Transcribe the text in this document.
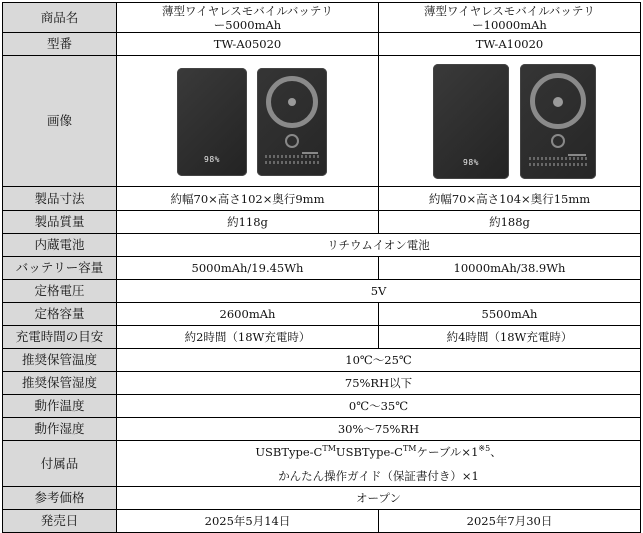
商品名	薄型ワイヤレスモバイルバッテリー5000mAh	薄型ワイヤレスモバイルバッテリー10000mAh
型番	TW-A05020	TW-A10020
画像	98%	98%

製品寸法	約幅70×高さ102×奥行9mm	約幅70×高さ104×奥行15mm
製品質量	約118g	約188g
内蔵電池	リチウムイオン電池	
バッテリー容量	5000mAh/19.45Wh	10000mAh/38.9Wh
定格電圧	5V	
定格容量	2600mAh	5500mAh
充電時間の目安	約2時間（18W充電時）	約4時間（18W充電時）
推奨保管温度	10℃～25℃	
推奨保管湿度	75%RH以下	
動作温度	0℃～35℃	
動作湿度	30%～75%RH	
付属品	USBType-C™USBType-C™ケーブル$\times 1^{※5}$、
かんたん操作ガイド（保証書付き）×1	

参考価格	オープン	
発売日	2025年5月14日	2025年7月30日
